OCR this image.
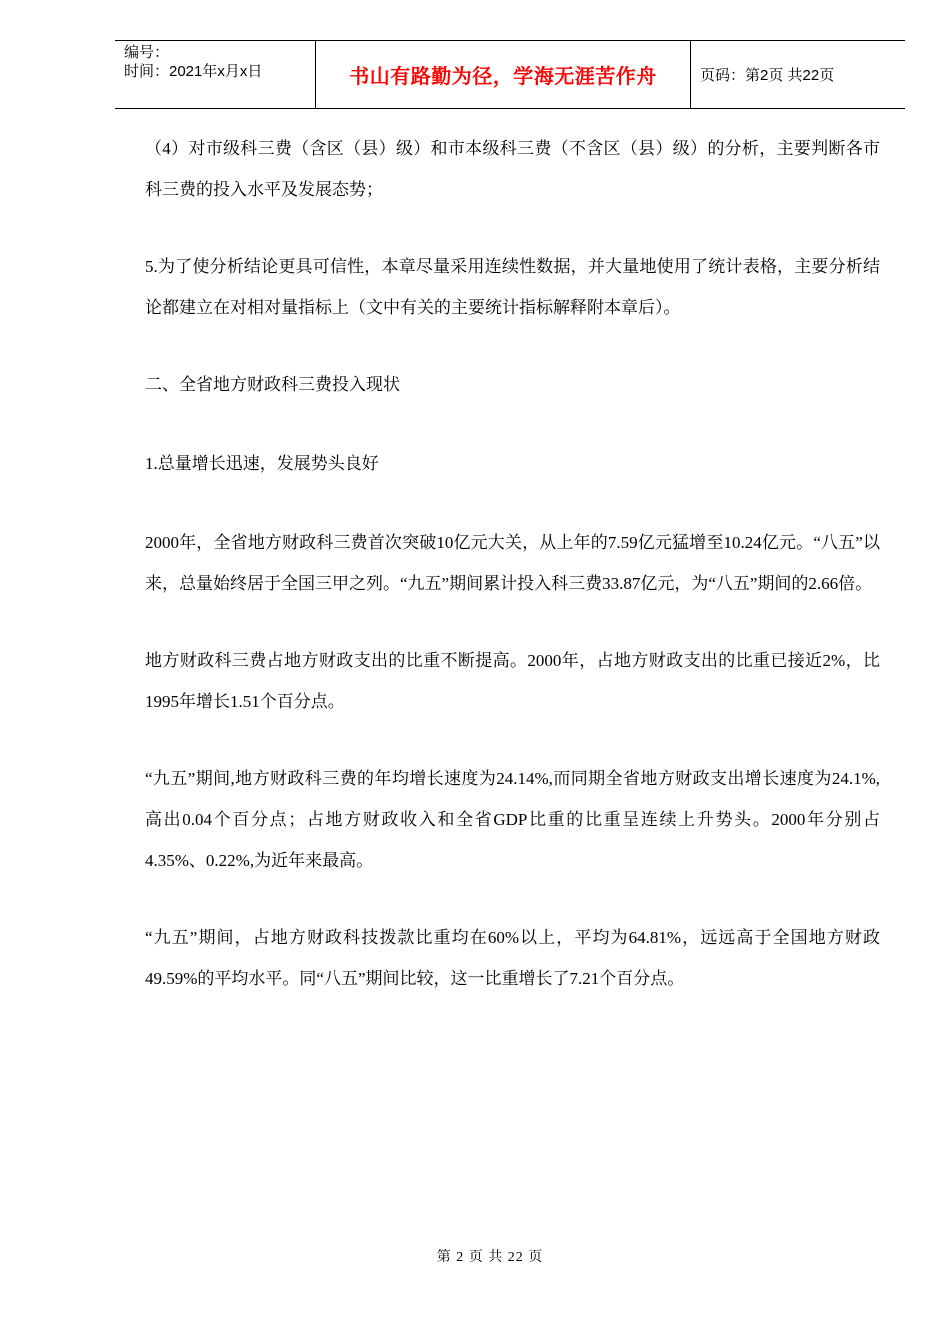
编号：
时间：2021年x月x日	书山有路勤为径，学海无涯苦作舟	页码：第2页 共22页

（4）对市级科三费（含区（县）级）和市本级科三费（不含区（县）级）的分析，主要判断各市科三费的投入水平及发展态势；

5.为了使分析结论更具可信性，本章尽量采用连续性数据，并大量地使用了统计表格，主要分析结论都建立在对相对量指标上（文中有关的主要统计指标解释附本章后）。

二、全省地方财政科三费投入现状

1.总量增长迅速，发展势头良好

2000年，全省地方财政科三费首次突破10亿元大关，从上年的7.59亿元猛增至10.24亿元。“八五”以来，总量始终居于全国三甲之列。“九五”期间累计投入科三费33.87亿元，为“八五”期间的2.66倍。

地方财政科三费占地方财政支出的比重不断提高。2000年，占地方财政支出的比重已接近2%，比1995年增长1.51个百分点。

“九五”期间,地方财政科三费的年均增长速度为24.14%,而同期全省地方财政支出增长速度为24.1%,高出0.04个百分点；占地方财政收入和全省GDP比重的比重呈连续上升势头。2000年分别占4.35%、0.22%,为近年来最高。

“九五”期间，占地方财政科技拨款比重均在60%以上，平均为64.81%，远远高于全国地方财政49.59%的平均水平。同“八五”期间比较，这一比重增长了7.21个百分点。

第 2 页 共 22 页
